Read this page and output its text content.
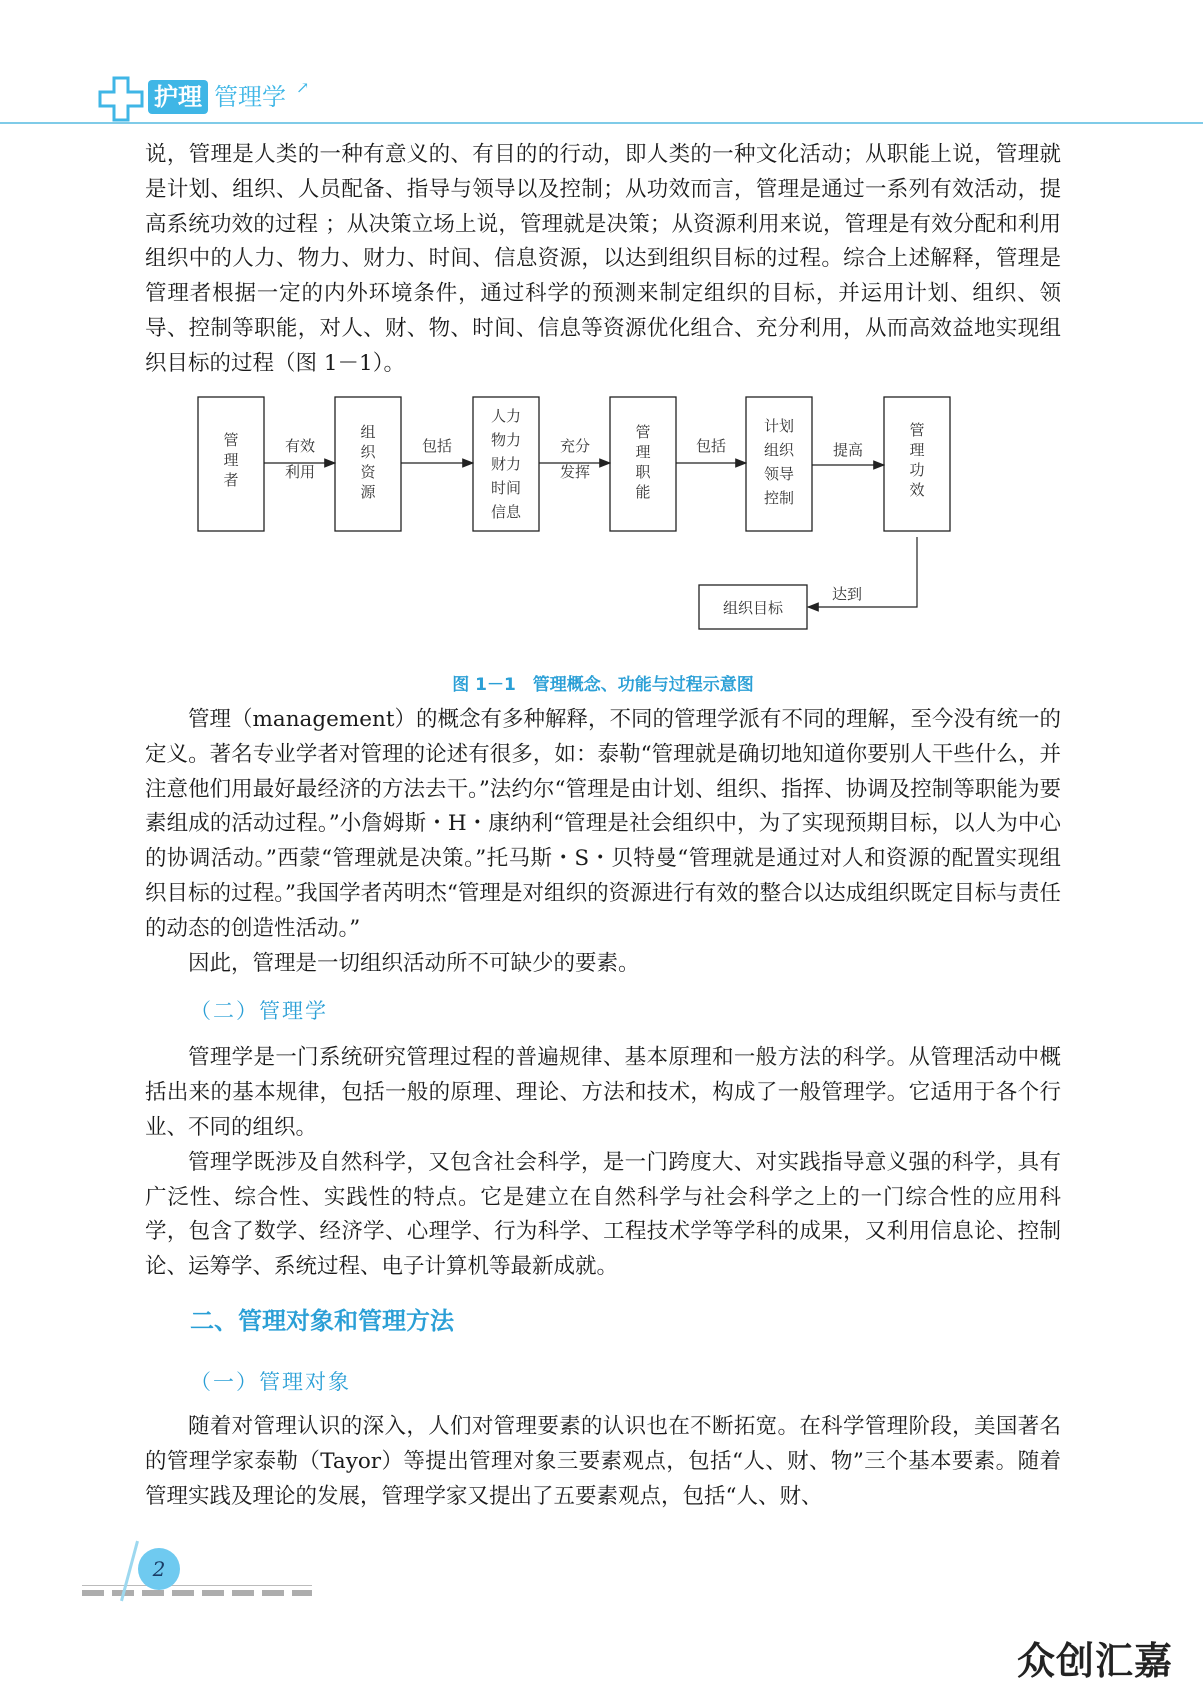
护理 管理学 ↗

说，管理是人类的一种有意义的、有目的的行动，即人类的一种文化活动；从职能上说，管理就是计划、组织、人员配备、指导与领导以及控制；从功效而言，管理是通过一系列有效活动，提高系统功效的过程 ；从决策立场上说，管理就是决策；从资源利用来说，管理是有效分配和利用组织中的人力、物力、财力、时间、信息资源，以达到组织目标的过程。综合上述解释，管理是管理者根据一定的内外环境条件，通过科学的预测来制定组织的目标，并运用计划、组织、领导、控制等职能，对人、财、物、时间、信息等资源优化组合、充分利用，从而高效益地实现组织目标的过程（图 1－1）。

管
理
者
有效
利用
组
织
资
源
包括
人力
物力
财力
时间
信息
充分
发挥
管
理
职
能
包括
计划
组织
领导
控制
提高
管
理
功
效
达到
组织目标
图 1－1　管理概念、功能与过程示意图

管理（management）的概念有多种解释，不同的管理学派有不同的理解，至今没有统一的定义。著名专业学者对管理的论述有很多，如：泰勒“管理就是确切地知道你要别人干些什么，并注意他们用最好最经济的方法去干。”法约尔“管理是由计划、组织、指挥、协调及控制等职能为要素组成的活动过程。”小詹姆斯・H・康纳利“管理是社会组织中，为了实现预期目标，以人为中心的协调活动。”西蒙“管理就是决策。”托马斯・S・贝特曼“管理就是通过对人和资源的配置实现组织目标的过程。”我国学者芮明杰“管理是对组织的资源进行有效的整合以达成组织既定目标与责任的动态的创造性活动。”

因此，管理是一切组织活动所不可缺少的要素。

（二）管理学

管理学是一门系统研究管理过程的普遍规律、基本原理和一般方法的科学。从管理活动中概括出来的基本规律，包括一般的原理、理论、方法和技术，构成了一般管理学。它适用于各个行业、不同的组织。

管理学既涉及自然科学，又包含社会科学，是一门跨度大、对实践指导意义强的科学，具有广泛性、综合性、实践性的特点。它是建立在自然科学与社会科学之上的一门综合性的应用科学，包含了数学、经济学、心理学、行为科学、工程技术学等学科的成果，又利用信息论、控制论、运筹学、系统过程、电子计算机等最新成就。

二、管理对象和管理方法

（一）管理对象

随着对管理认识的深入，人们对管理要素的认识也在不断拓宽。在科学管理阶段，美国著名的管理学家泰勒（Tayor）等提出管理对象三要素观点，包括“人、财、物”三个基本要素。随着管理实践及理论的发展，管理学家又提出了五要素观点，包括“人、财、

2
众创汇嘉
